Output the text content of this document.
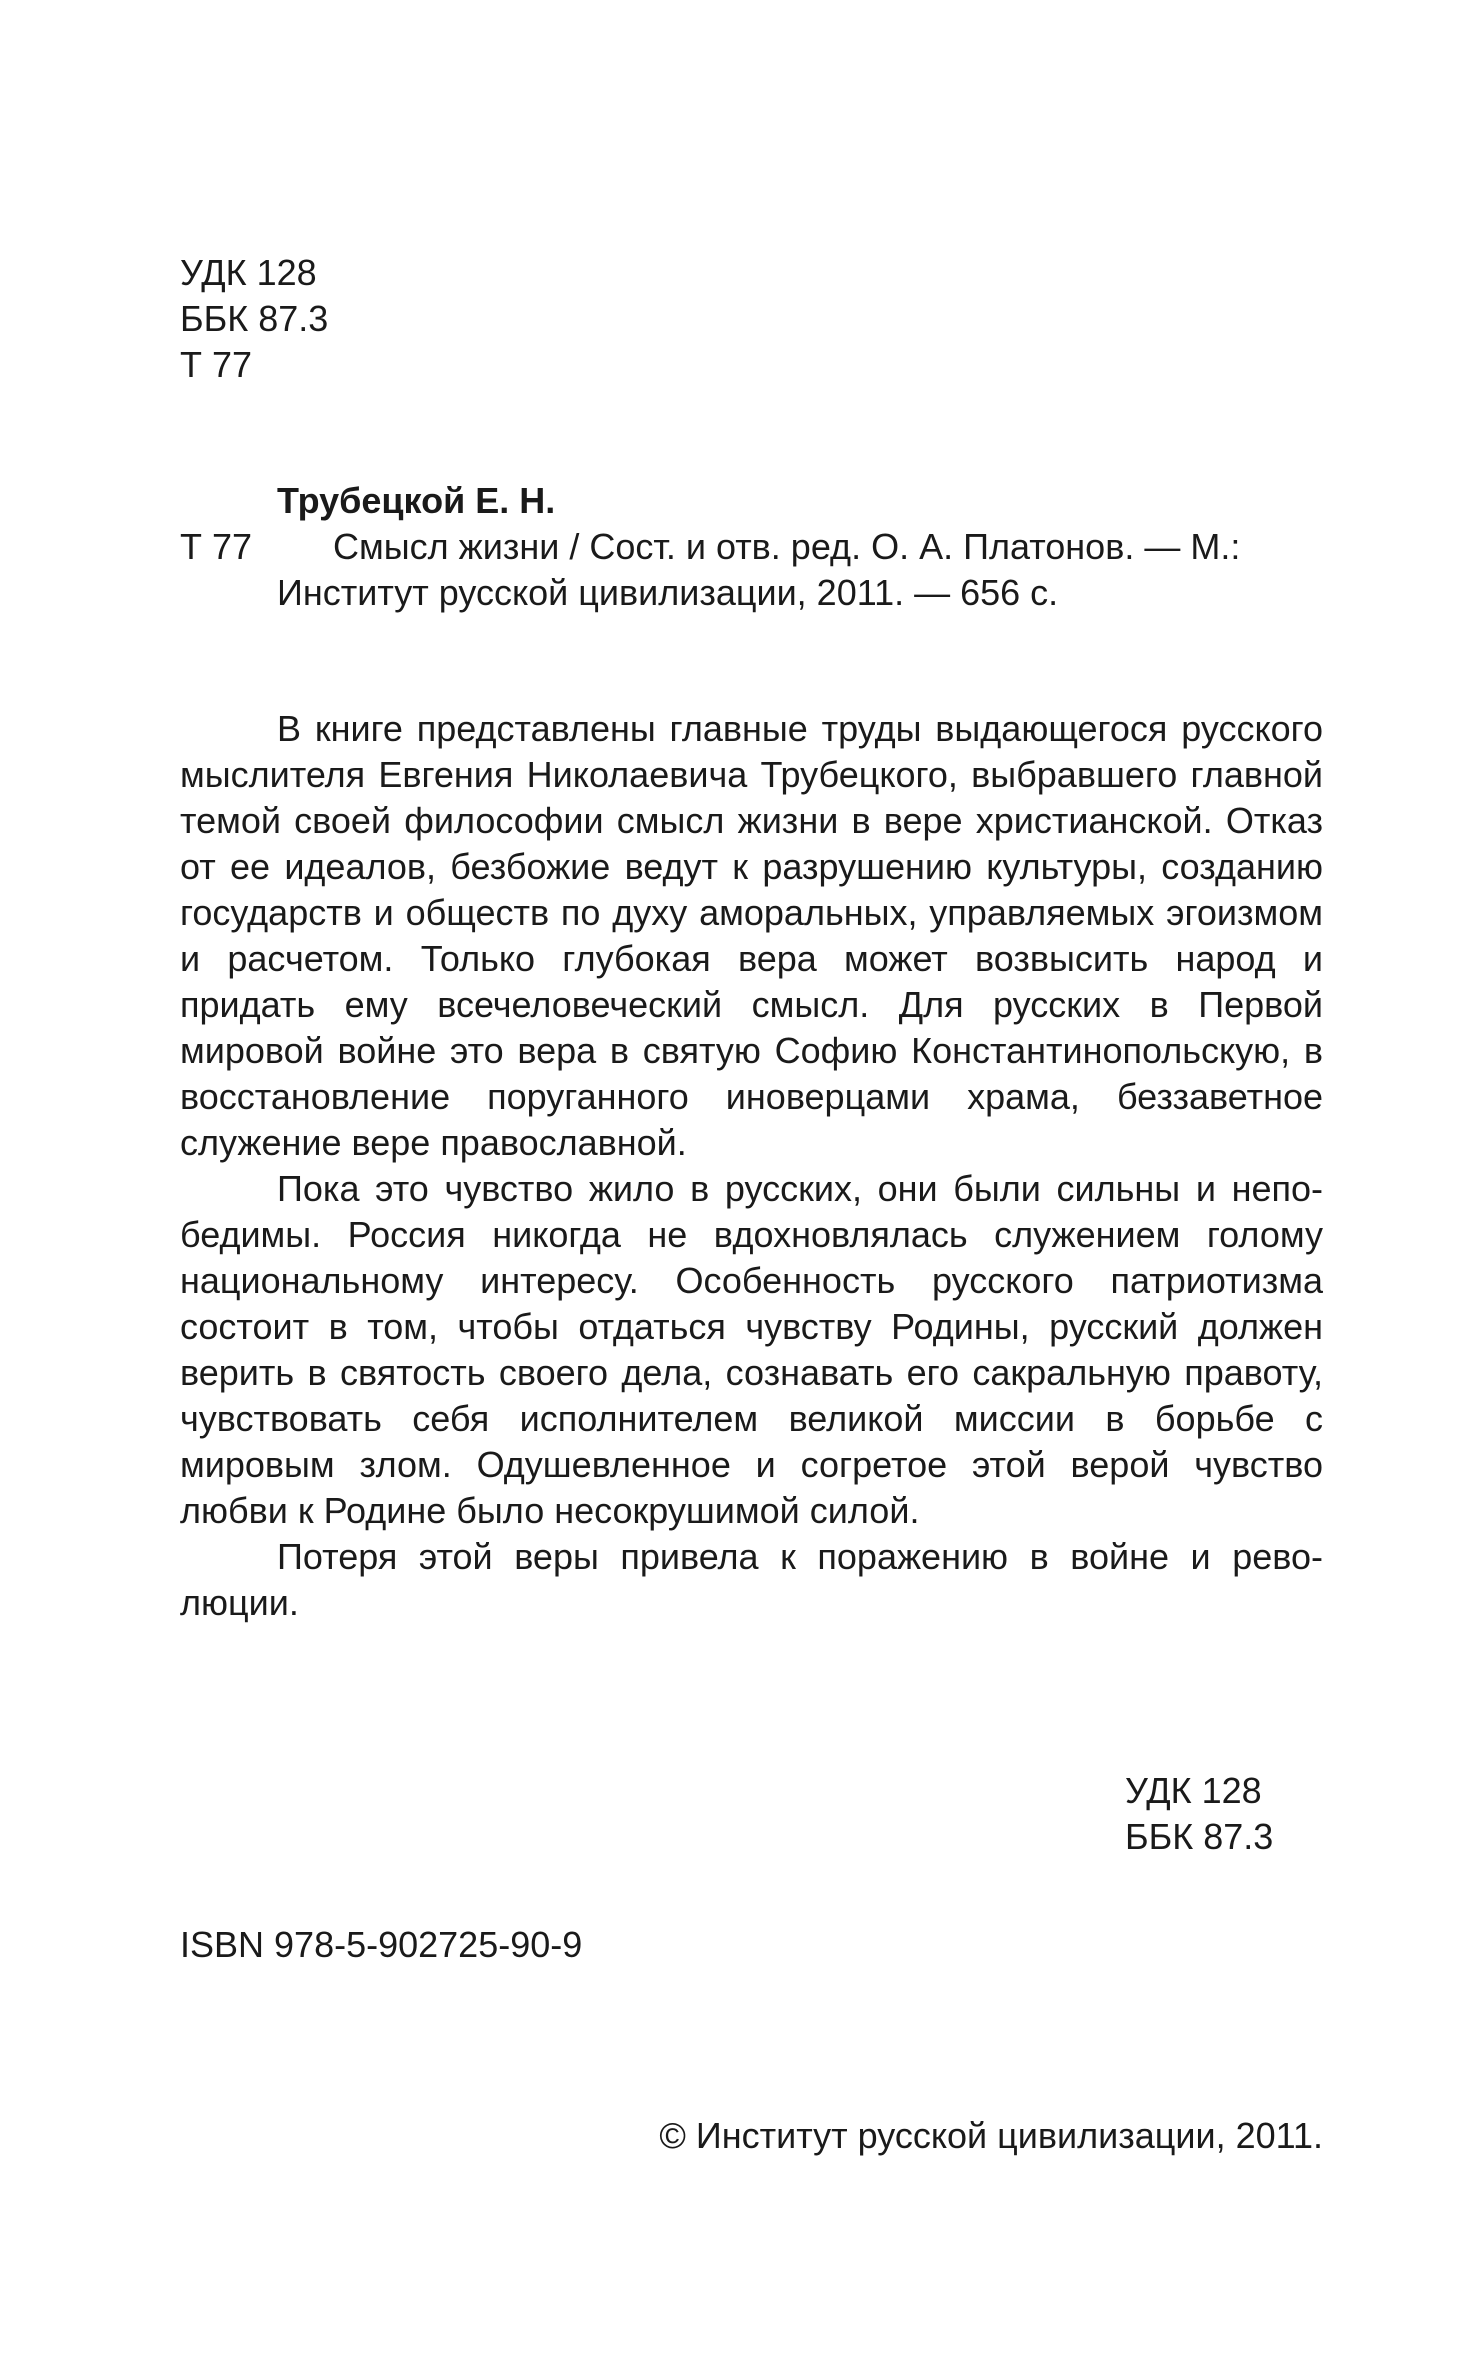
УДК 128
ББК 87.3
Т 77
Трубецкой Е. Н.
Т 77 Смысл жизни / Сост. и отв. ред. О. А. Платонов. — М.:
Институт русской цивилизации, 2011. — 656 с.

В книге представлены главные труды выдающегося русского мыслителя Евгения Николаевича Трубецкого, выбравшего главной темой своей философии смысл жизни в вере христианской. Отказ от ее идеалов, безбожие ведут к разрушению культуры, созданию государств и обществ по духу аморальных, управляемых эгоизмом и расчетом. Только глубокая вера может возвысить народ и придать ему всечеловеческий смысл. Для русских в Первой мировой войне это вера в святую Софию Константинопольскую, в восстановление поруганного иноверцами храма, беззаветное служение вере православной.

Пока это чувство жило в русских, они были сильны и непобедимы. Россия никогда не вдохновлялась служением голому национальному интересу. Особенность русского патриотизма состоит в том, чтобы отдаться чувству Родины, русский должен верить в святость своего дела, сознавать его сакральную правоту, чувствовать себя исполнителем великой миссии в борьбе с мировым злом. Одушевленное и согретое этой верой чувство любви к Родине было несокрушимой силой.

Потеря этой веры привела к поражению в войне и революции.

УДК 128
ББК 87.3
ISBN 978-5-902725-90-9
© Институт русской цивилизации, 2011.
